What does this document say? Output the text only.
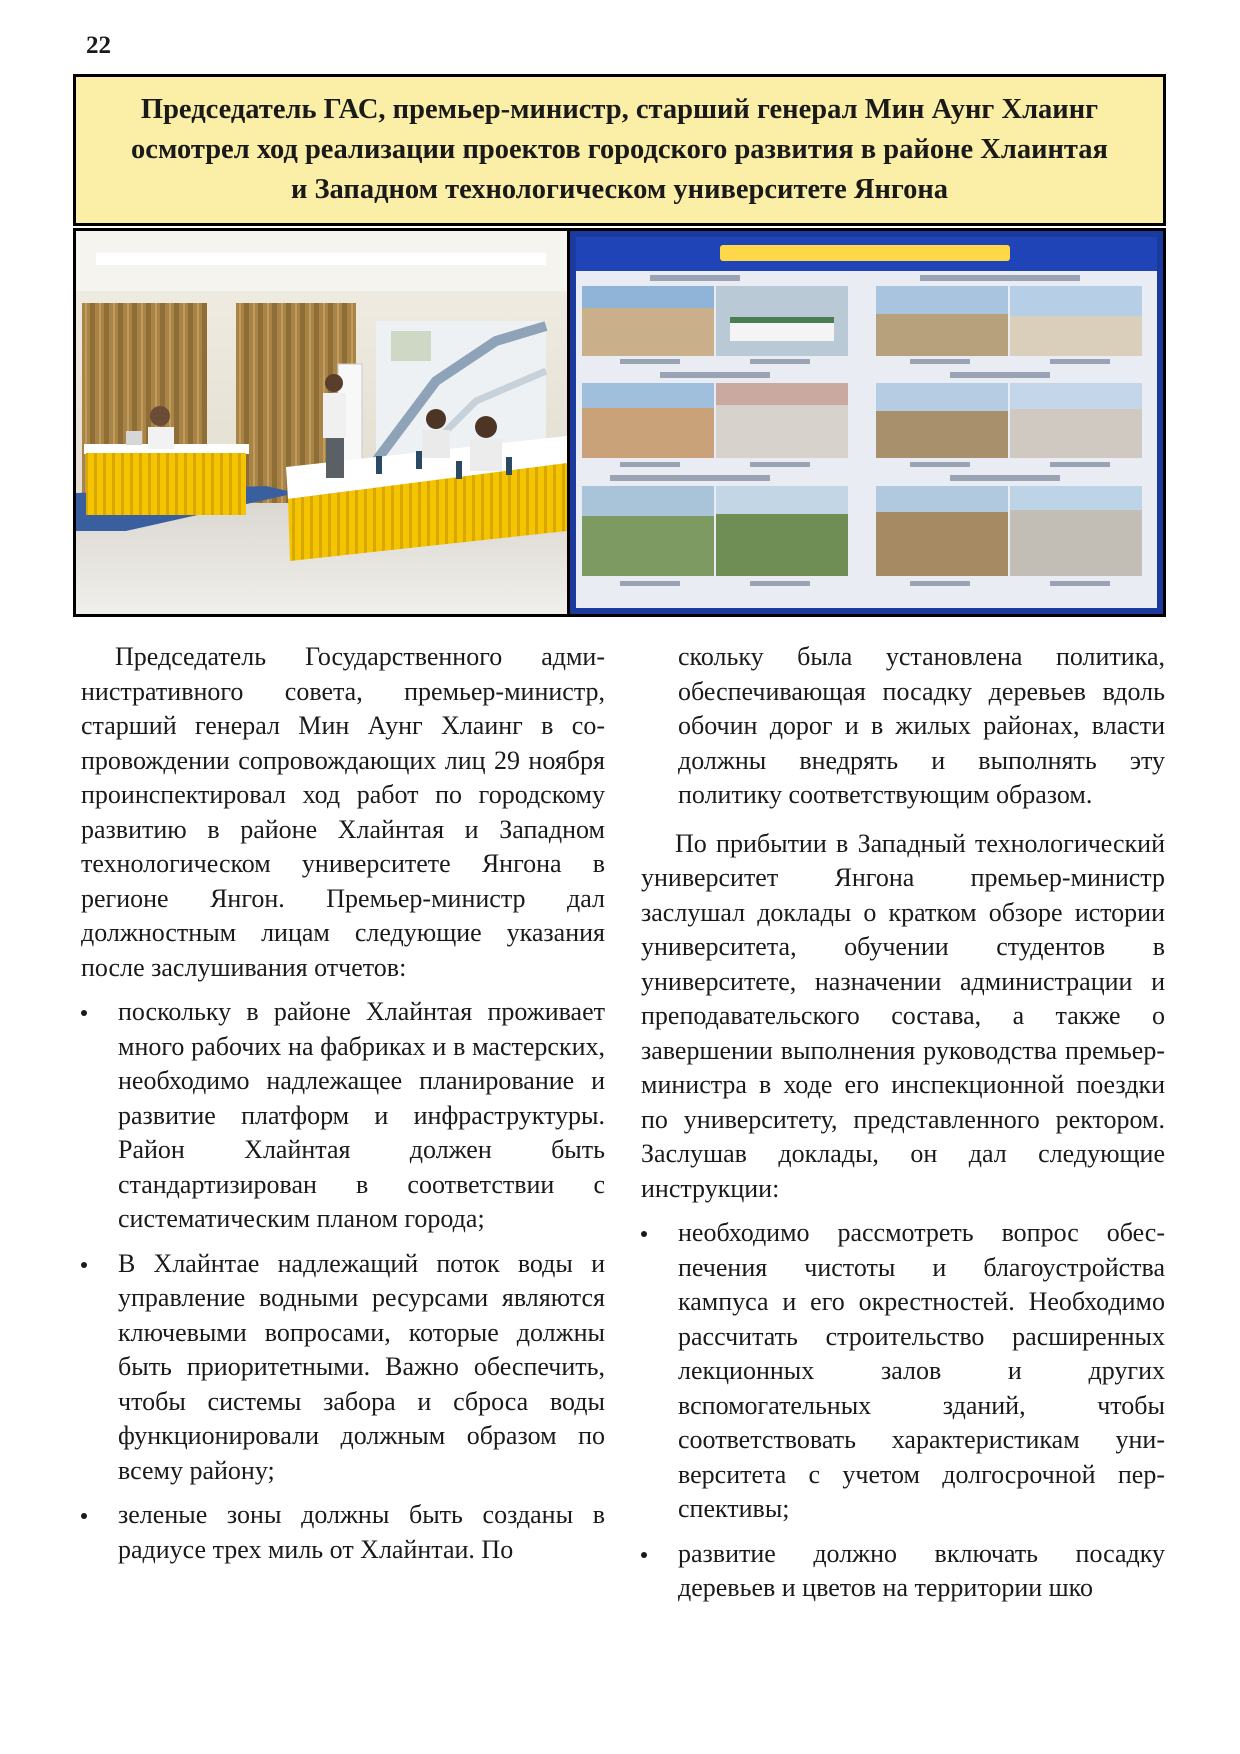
22
Председатель ГАС, премьер-министр, старший генерал Мин Аунг Хлаинг
осмотрел ход реализации проектов городского развития в районе Хлаинтая
и Западном технологическом университете Янгона

Председатель Государственного административного совета, премьер-министр, старший генерал Мин Аунг Хлаинг в сопровождении сопровождающих лиц 29 ноября проинспектировал ход работ по городскому развитию в районе Хлайнтая и Западном технологическом университете Янгона в регионе Янгон. Премьер-министр дал должностным лицам следующие указания после заслушивания отчетов:

поскольку в районе Хлайнтая проживает много рабочих на фабриках и в мастерских, необходимо надлежащее планирование и развитие платформ и инфраструктуры. Район Хлайнтая должен быть стандартизирован в соответствии с систематическим планом города;
В Хлайнтае надлежащий поток воды и управление водными ресурсами являются ключевыми вопросами, которые должны быть приоритетными. Важно обеспечить, чтобы системы забора и сброса воды функционировали должным образом по всему району;
зеленые зоны должны быть созданы в радиусе трех миль от Хлайнтаи. По

скольку была установлена политика, обеспечивающая посадку деревьев вдоль обочин дорог и в жилых районах, власти должны внедрять и выполнять эту политику соответствующим образом.

По прибытии в Западный технологический университет Янгона премьер-министр заслушал доклады о кратком обзоре истории университета, обучении студентов в университете, назначении администрации и преподавательского состава, а также о завершении выполнения руководства премьер-министра в ходе его инспекционной поездки по университету, представленного ректором. Заслушав доклады, он дал следующие инструкции:

необходимо рассмотреть вопрос обеспечения чистоты и благоустройства кампуса и его окрестностей. Необходимо рассчитать строительство расширенных лекционных залов и других вспомогательных зданий, чтобы соответствовать характеристикам университета с учетом долгосрочной перспективы;
развитие должно включать посадку деревьев и цветов на территории шко
